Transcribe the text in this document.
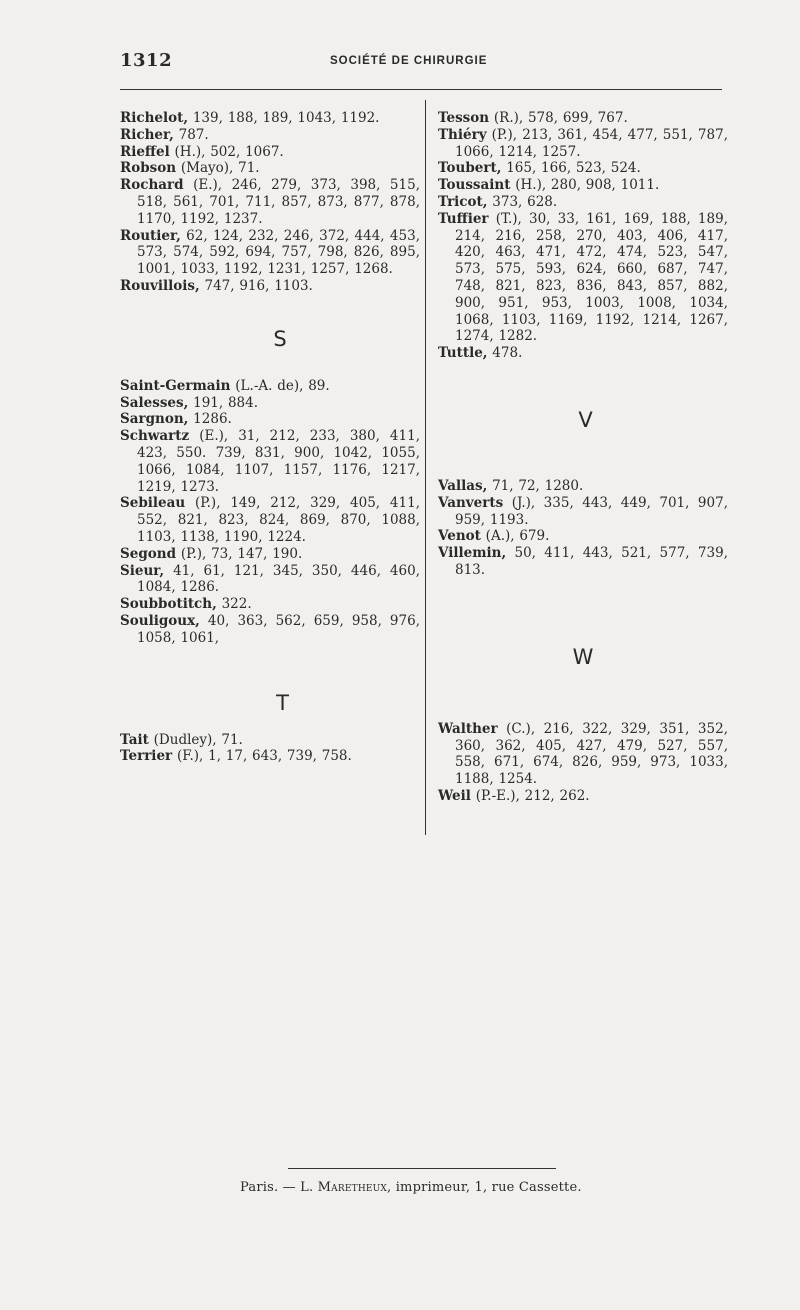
1312	SOCIÉTÉ DE CHIRURGIE
Richelot, 139, 188, 189, 1043, 1192.
Richer, 787.
Rieffel (H.), 502, 1067.
Robson (Mayo), 71.
Rochard (E.), 246, 279, 373, 398, 515, 518, 561, 701, 711, 857, 873, 877, 878, 1170, 1192, 1237.
Routier, 62, 124, 232, 246, 372, 444, 453, 573, 574, 592, 694, 757, 798, 826, 895, 1001, 1033, 1192, 1231, 1257, 1268.
Rouvillois, 747, 916, 1103.
S
Saint-Germain (L.-A. de), 89.
Salesses, 191, 884.
Sargnon, 1286.
Schwartz (E.), 31, 212, 233, 380, 411, 423, 550. 739, 831, 900, 1042, 1055, 1066, 1084, 1107, 1157, 1176, 1217, 1219, 1273.
Sebileau (P.), 149, 212, 329, 405, 411, 552, 821, 823, 824, 869, 870, 1088, 1103, 1138, 1190, 1224.
Segond (P.), 73, 147, 190.
Sieur, 41, 61, 121, 345, 350, 446, 460, 1084, 1286.
Soubbotitch, 322.
Souligoux, 40, 363, 562, 659, 958, 976, 1058, 1061,
T
Tait (Dudley), 71.
Terrier (F.), 1, 17, 643, 739, 758.
Tesson (R.), 578, 699, 767.
Thiéry (P.), 213, 361, 454, 477, 551, 787, 1066, 1214, 1257.
Toubert, 165, 166, 523, 524.
Toussaint (H.), 280, 908, 1011.
Tricot, 373, 628.
Tuffier (T.), 30, 33, 161, 169, 188, 189, 214, 216, 258, 270, 403, 406, 417, 420, 463, 471, 472, 474, 523, 547, 573, 575, 593, 624, 660, 687, 747, 748, 821, 823, 836, 843, 857, 882, 900, 951, 953, 1003, 1008, 1034, 1068, 1103, 1169, 1192, 1214, 1267, 1274, 1282.
Tuttle, 478.
V
Vallas, 71, 72, 1280.
Vanverts (J.), 335, 443, 449, 701, 907, 959, 1193.
Venot (A.), 679.
Villemin, 50, 411, 443, 521, 577, 739, 813.
W
Walther (C.), 216, 322, 329, 351, 352, 360, 362, 405, 427, 479, 527, 557, 558, 671, 674, 826, 959, 973, 1033, 1188, 1254.
Weil (P.-E.), 212, 262.
Paris. — L. Maretheux, imprimeur, 1, rue Cassette.
